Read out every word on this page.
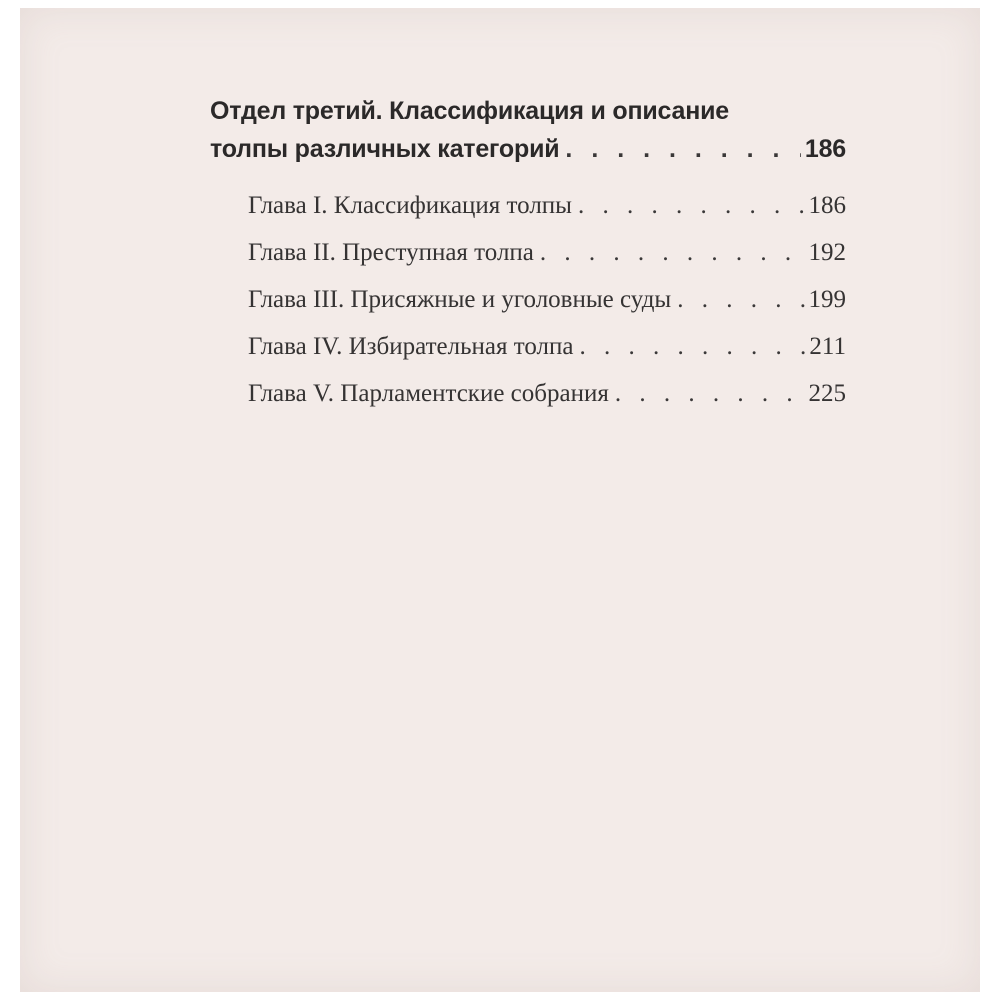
Отдел третий. Классификация и описание
толпы различных категорий . . .	186
Глава I. Классификация толпы . . .	186
Глава II. Преступная толпа . . .	192
Глава III. Присяжные и уголовные суды . . .	199
Глава IV. Избирательная толпа . . .	211
Глава V. Парламентские собрания . . .	225
